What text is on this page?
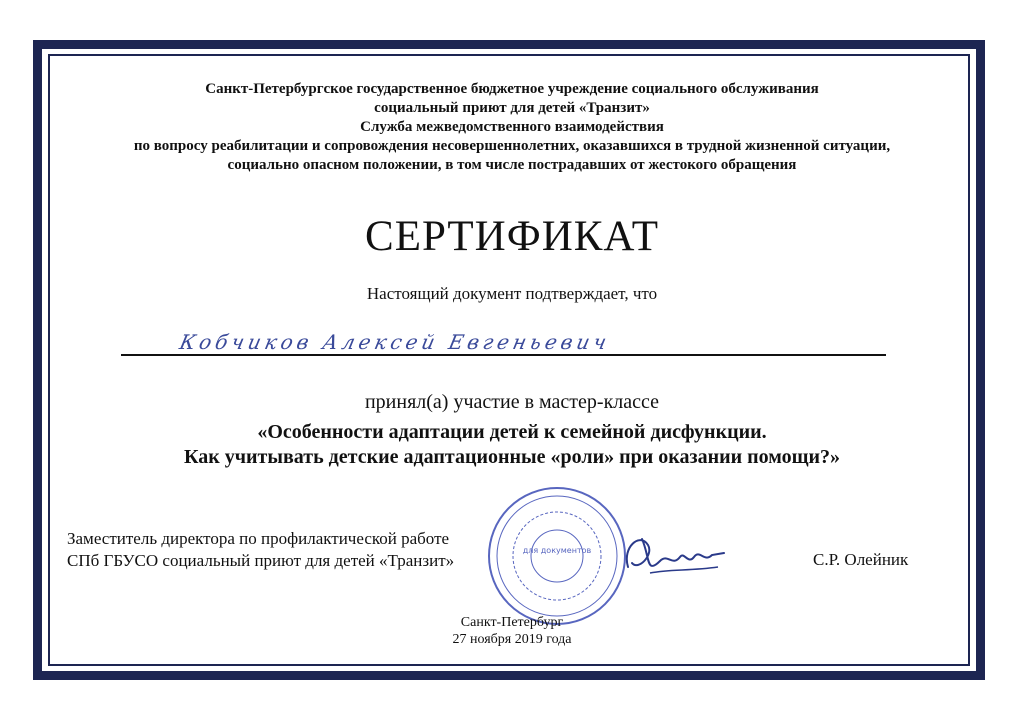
Санкт-Петербургское государственное бюджетное учреждение социального обслуживания
социальный приют для детей «Транзит»
Служба межведомственного взаимодействия
по вопросу реабилитации и сопровождения несовершеннолетних, оказавшихся в трудной жизненной ситуации,
социально опасном положении, в том числе пострадавших от жестокого обращения
СЕРТИФИКАТ
Настоящий документ подтверждает, что
Кобчиков Алексей Евгеньевич
принял(а) участие в мастер-классе
«Особенности адаптации детей к семейной дисфункции.
Как учитывать детские адаптационные «роли» при оказании помощи?»
Заместитель директора по профилактической работе
СПб ГБУСО социальный приют для детей «Транзит»	С.Р. Олейник
для документов
Санкт-Петербург
27 ноября 2019 года
